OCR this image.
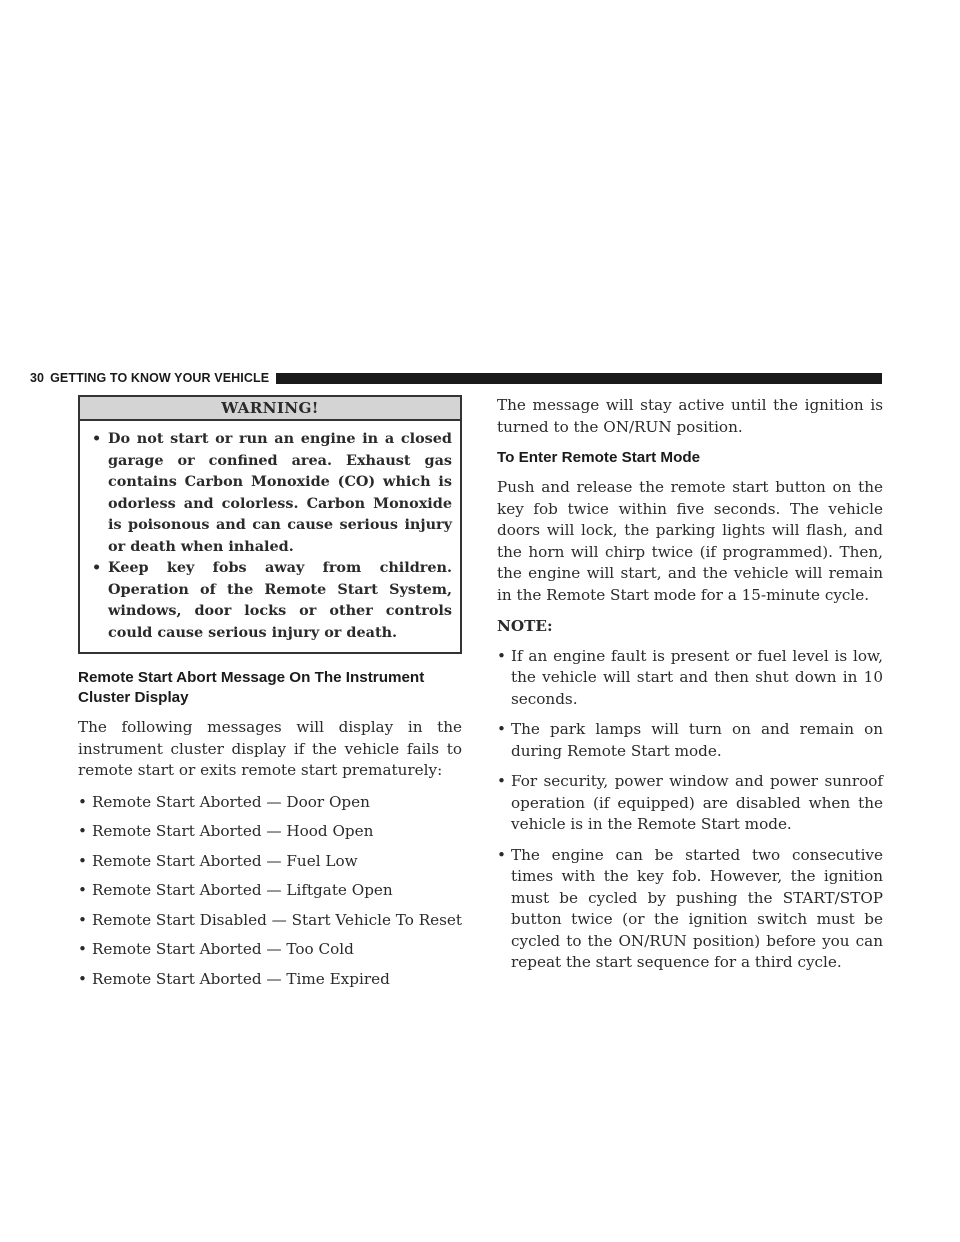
30 GETTING TO KNOW YOUR VEHICLE
WARNING!
• Do not start or run an engine in a closed garage or confined area. Exhaust gas contains Carbon Monoxide (CO) which is odorless and colorless. Carbon Monoxide is poisonous and can cause serious injury or death when inhaled.
• Keep key fobs away from children. Operation of the Remote Start System, windows, door locks or other controls could cause serious injury or death.
Remote Start Abort Message On The Instrument Cluster Display

The following messages will display in the instrument cluster display if the vehicle fails to remote start or exits remote start prematurely:

• Remote Start Aborted — Door Open
• Remote Start Aborted — Hood Open
• Remote Start Aborted — Fuel Low
• Remote Start Aborted — Liftgate Open
• Remote Start Disabled — Start Vehicle To Reset
• Remote Start Aborted — Too Cold
• Remote Start Aborted — Time Expired

The message will stay active until the ignition is turned to the ON/RUN position.

To Enter Remote Start Mode

Push and release the remote start button on the key fob twice within five seconds. The vehicle doors will lock, the parking lights will flash, and the horn will chirp twice (if programmed). Then, the engine will start, and the vehicle will remain in the Remote Start mode for a 15-minute cycle.

NOTE:

• If an engine fault is present or fuel level is low, the vehicle will start and then shut down in 10 seconds.
• The park lamps will turn on and remain on during Remote Start mode.
• For security, power window and power sunroof operation (if equipped) are disabled when the vehicle is in the Remote Start mode.
• The engine can be started two consecutive times with the key fob. However, the ignition must be cycled by pushing the START/STOP button twice (or the ignition switch must be cycled to the ON/RUN position) before you can repeat the start sequence for a third cycle.
